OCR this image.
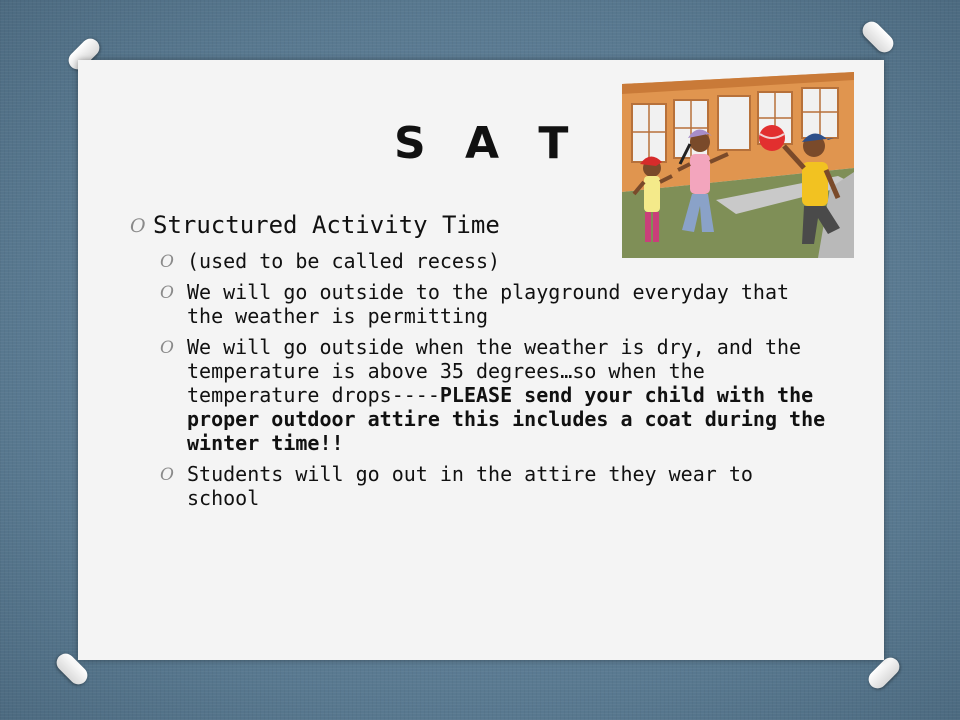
S A T
O Structured Activity Time
O (used to be called recess)
O We will go outside to the playground everyday that the weather is permitting
O We will go outside when the weather is dry, and the temperature is above 35 degrees…so when the temperature drops----PLEASE send your child with the proper outdoor attire this includes a coat during the winter time!!
O Students will go out in the attire they wear to school
